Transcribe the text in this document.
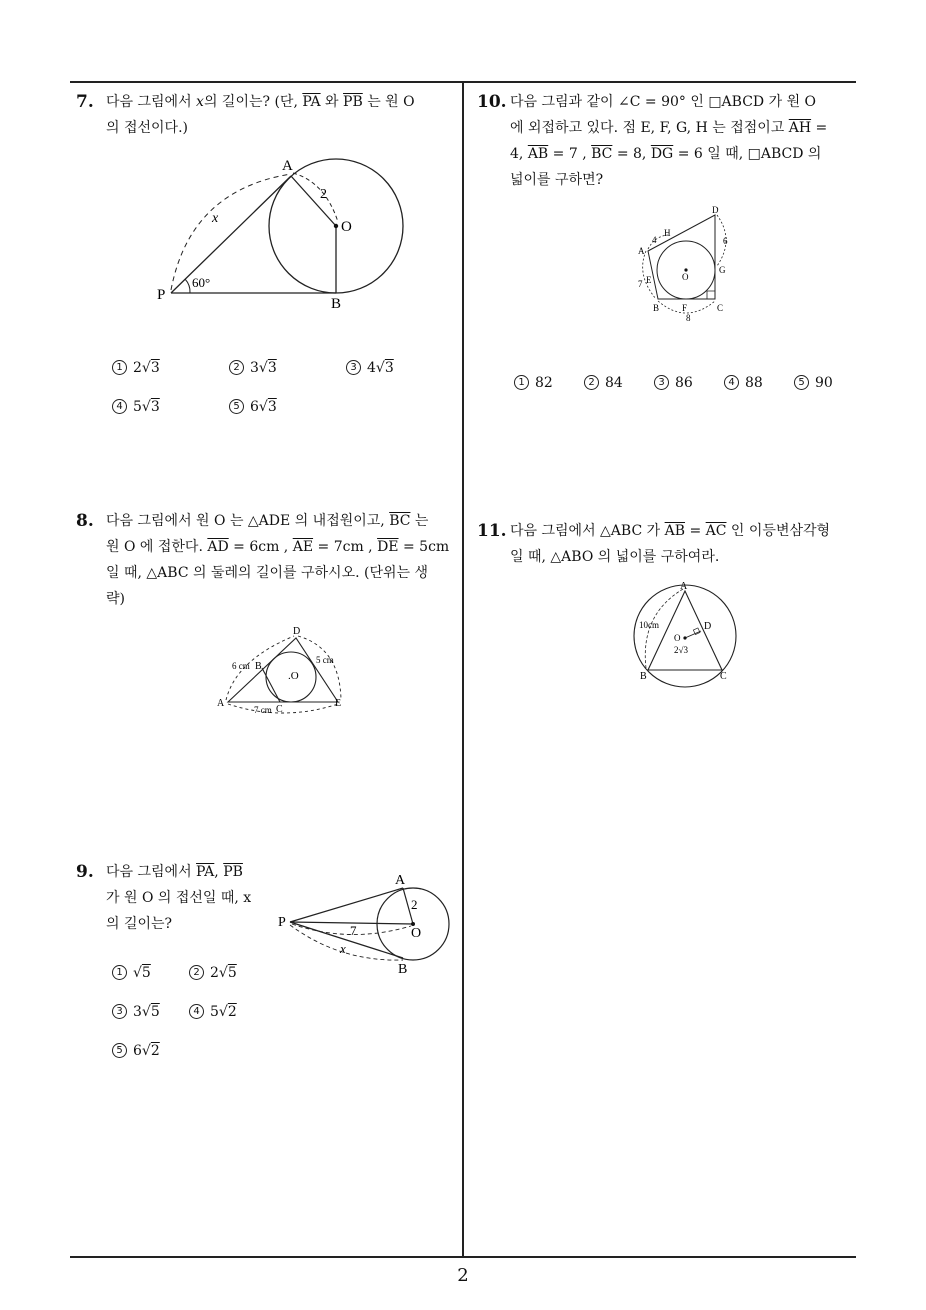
7. 다음 그림에서 x의 길이는? (단, $\overline{PA}$ 와 $\overline{PB}$ 는 원 O
의 접선이다.)
A
O
P
B
2
60°
x
1 2√3	2 3√3	3 4√3
4 5√3	5 6√3
8. 다음 그림에서 원 O 는 △ADE 의 내접원이고, $\overline{BC}$ 는
원 O 에 접한다. $\overline{AD} = 6cm$ , $\overline{AE} = 7cm$ , $\overline{DE} = 5cm$
일 때, △ABC 의 둘레의 길이를 구하시오. (단위는 생
략)
D
B
.O
A
C
E
6 cm
5 cm
7 cm
9. 다음 그림에서 $\overline{PA}$, $\overline{PB}$
가 원 O 의 접선일 때, x
의 길이는?
A
P
O
B
2
7
x
1 √5	2 2√5
3 3√5	4 5√2
5 6√2
10. 다음 그림과 같이 ∠C = 90° 인 □ABCD 가 원 O
에 외접하고 있다. 점 E, F, G, H 는 접점이고 $\overline{AH}$ =
4, $\overline{AB} = 7$ , $\overline{BC} = 8$, $\overline{DG} = 6$ 일 때, □ABCD 의
넓이를 구하면?
D
H
A
4	6
G
O
E
7
B	F	C
8
1 82	2 84	3 86	4 88	5 90
11. 다음 그림에서 △ABC 가 $\overline{AB} = \overline{AC}$ 인 이등변삼각형
일 때, △ABO 의 넓이를 구하여라.
A
10cm	D
O
2√3
B	C
2
